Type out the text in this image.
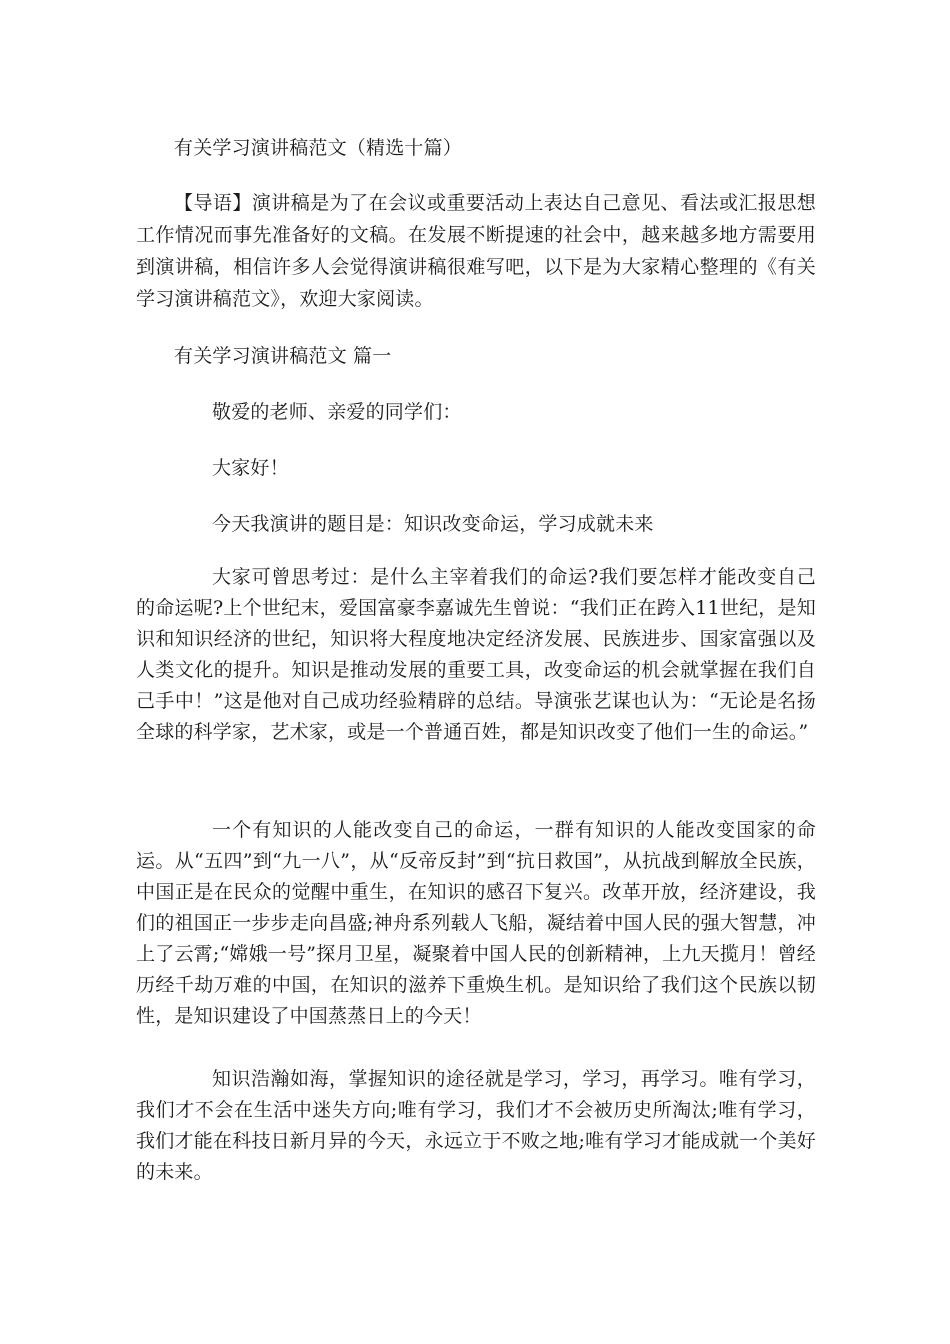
有关学习演讲稿范文（精选十篇）
【导语】演讲稿是为了在会议或重要活动上表达自己意见、看法或汇报思想工作情况而事先准备好的文稿。在发展不断提速的社会中，越来越多地方需要用到演讲稿，相信许多人会觉得演讲稿很难写吧，以下是为大家精心整理的《有关学习演讲稿范文》，欢迎大家阅读。
有关学习演讲稿范文 篇一
敬爱的老师、亲爱的同学们：
大家好！
今天我演讲的题目是：知识改变命运，学习成就未来
大家可曾思考过：是什么主宰着我们的命运?我们要怎样才能改变自己的命运呢?上个世纪末，爱国富豪李嘉诚先生曾说：“我们正在跨入11世纪，是知识和知识经济的世纪，知识将大程度地决定经济发展、民族进步、国家富强以及人类文化的提升。知识是推动发展的重要工具，改变命运的机会就掌握在我们自己手中！”这是他对自己成功经验精辟的总结。导演张艺谋也认为：“无论是名扬全球的科学家，艺术家，或是一个普通百姓，都是知识改变了他们一生的命运。”
一个有知识的人能改变自己的命运，一群有知识的人能改变国家的命运。从“五四”到“九一八”，从“反帝反封”到“抗日救国”，从抗战到解放全民族，中国正是在民众的觉醒中重生，在知识的感召下复兴。改革开放，经济建设，我们的祖国正一步步走向昌盛;神舟系列载人飞船，凝结着中国人民的强大智慧，冲上了云霄;“嫦娥一号”探月卫星，凝聚着中国人民的创新精神，上九天揽月！曾经历经千劫万难的中国，在知识的滋养下重焕生机。是知识给了我们这个民族以韧性，是知识建设了中国蒸蒸日上的今天！
知识浩瀚如海，掌握知识的途径就是学习，学习，再学习。唯有学习，我们才不会在生活中迷失方向;唯有学习，我们才不会被历史所淘汰;唯有学习，我们才能在科技日新月异的今天，永远立于不败之地;唯有学习才能成就一个美好的未来。
